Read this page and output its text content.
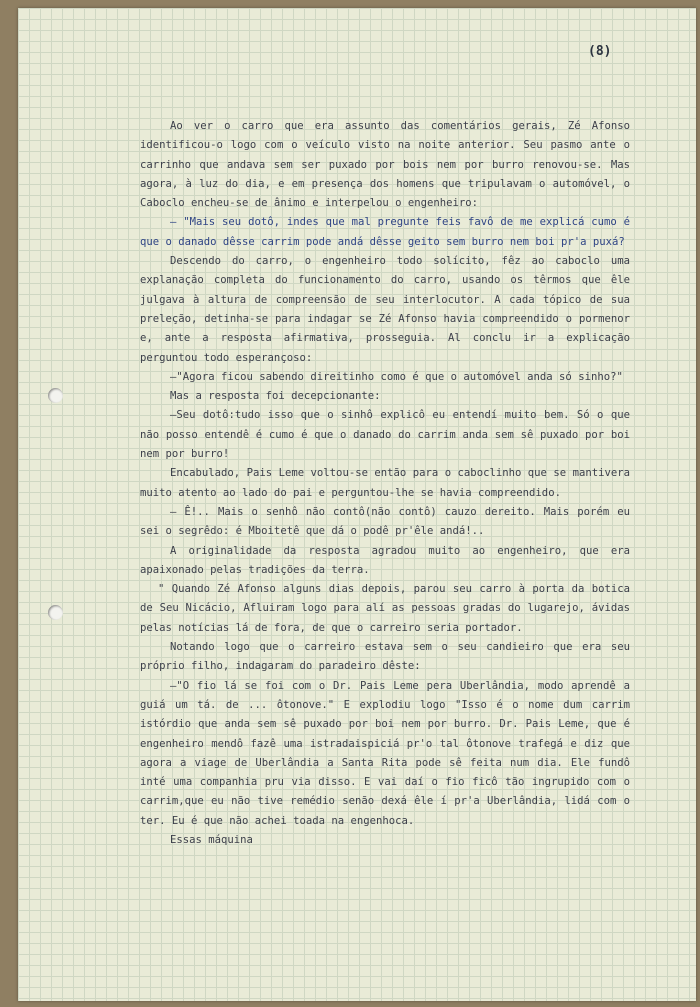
(8)

Ao ver o carro que era assunto das comentários gerais, Zé Afonso identificou-o logo com o veículo visto na noite anterior. Seu pasmo ante o carrinho que andava sem ser puxado por bois nem por burro renovou-se. Mas agora, à luz do dia, e em presença dos homens que tripulavam o automóvel, o Caboclo encheu-se de ânimo e interpelou o engenheiro:

– "Mais seu dotô, indes que mal pregunte feis favô de me explicá cumo é que o danado dêsse carrim pode andá dêsse geito sem burro nem boi pr'a puxá?

Descendo do carro, o engenheiro todo solícito, fêz ao caboclo uma explanação completa do funcionamento do carro, usando os têrmos que êle julgava à altura de compreensão de seu interlocutor. A cada tópico de sua preleção, detinha-se para indagar se Zé Afonso havia compreendido o pormenor e, ante a resposta afirmativa, prosseguia. Al conclu ir a explicação perguntou todo esperançoso:

–"Agora ficou sabendo direitinho como é que o automóvel anda só sinho?"

Mas a resposta foi decepcionante:

–Seu dotô:tudo isso que o sinhô explicô eu entendí muito bem. Só o que não posso entendê é cumo é que o danado do carrim anda sem sê puxado por boi nem por burro!

Encabulado, Pais Leme voltou-se então para o caboclinho que se mantivera muito atento ao lado do pai e perguntou-lhe se havia compreendido.

– Ê!.. Mais o senhô não contô(não contô) cauzo dereito. Mais porém eu sei o segrêdo: é Mboitetê que dá o podê pr'êle andá!..

A originalidade da resposta agradou muito ao engenheiro, que era apaixonado pelas tradições da terra.

" Quando Zé Afonso alguns dias depois, parou seu carro à porta da botica de Seu Nicácio, Afluiram logo para alí as pessoas gradas do lugarejo, ávidas pelas notícias lá de fora, de que o carreiro seria portador.

Notando logo que o carreiro estava sem o seu candieiro que era seu próprio filho, indagaram do paradeiro dêste:

–"O fio lá se foi com o Dr. Pais Leme pera Uberlândia, modo aprendê a guiá um tá. de ... ôtonove." E explodiu logo "Isso é o nome dum carrim istórdio que anda sem sê puxado por boi nem por burro. Dr. Pais Leme, que é engenheiro mendô fazê uma istradaispiciá pr'o tal ôtonove trafegá e diz que agora a viage de Uberlândia a Santa Rita pode sê feita num dia. Ele fundô inté uma companhia pru via disso. E vai daí o fio ficô tão ingrupido com o carrim,que eu não tive remédio senão dexá êle í pr'a Uberlândia, lidá com o ter. Eu é que não achei toada na engenhoca.

Essas máquina
